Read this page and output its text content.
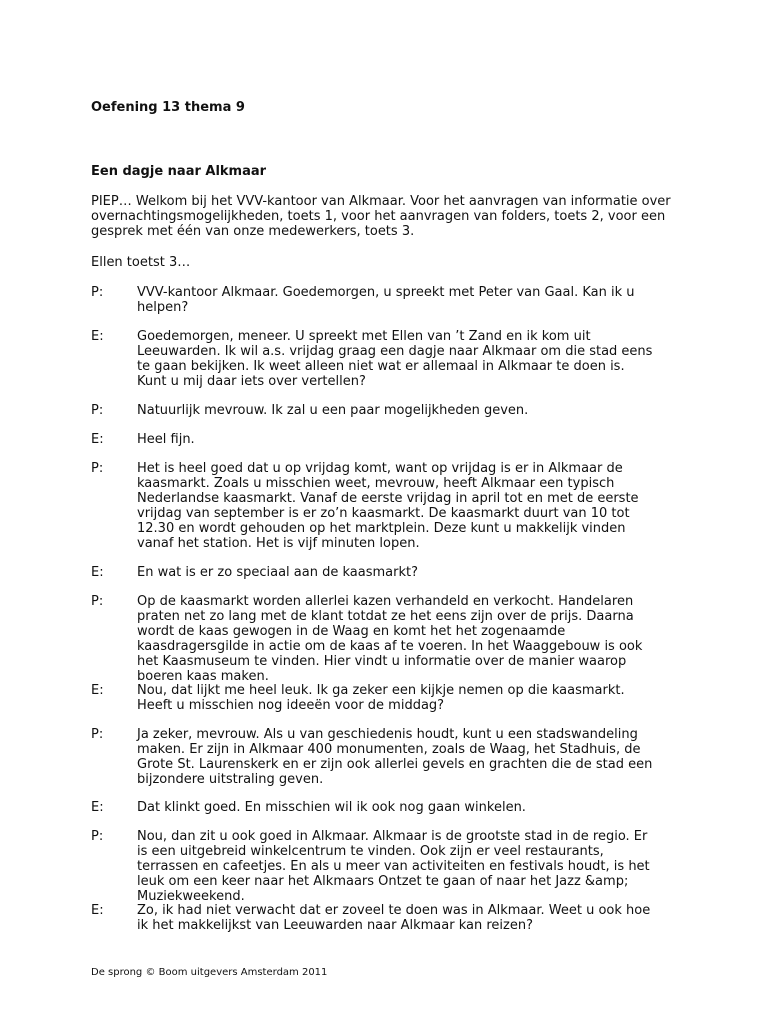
Oefening 13 thema 9

Een dagje naar Alkmaar

PIEP… Welkom bij het VVV-kantoor van Alkmaar. Voor het aanvragen van informatie over overnachtingsmogelijkheden, toets 1, voor het aanvragen van folders, toets 2, voor een gesprek met één van onze medewerkers, toets 3.

Ellen toetst 3…

P:	VVV-kantoor Alkmaar. Goedemorgen, u spreekt met Peter van Gaal. Kan ik u helpen?
E:	Goedemorgen, meneer. U spreekt met Ellen van ’t Zand en ik kom uit Leeuwarden. Ik wil a.s. vrijdag graag een dagje naar Alkmaar om die stad eens te gaan bekijken. Ik weet alleen niet wat er allemaal in Alkmaar te doen is. Kunt u mij daar iets over vertellen?
P:	Natuurlijk mevrouw. Ik zal u een paar mogelijkheden geven.
E:	Heel fijn.
P:	Het is heel goed dat u op vrijdag komt, want op vrijdag is er in Alkmaar de kaasmarkt. Zoals u misschien weet, mevrouw, heeft Alkmaar een typisch Nederlandse kaasmarkt. Vanaf de eerste vrijdag in april tot en met de eerste vrijdag van september is er zo’n kaasmarkt. De kaasmarkt duurt van 10 tot 12.30 en wordt gehouden op het marktplein. Deze kunt u makkelijk vinden vanaf het station. Het is vijf minuten lopen.
E:	En wat is er zo speciaal aan de kaasmarkt?
P:	Op de kaasmarkt worden allerlei kazen verhandeld en verkocht. Handelaren praten net zo lang met de klant totdat ze het eens zijn over de prijs. Daarna wordt de kaas gewogen in de Waag en komt het het zogenaamde kaasdragersgilde in actie om de kaas af te voeren. In het Waaggebouw is ook het Kaasmuseum te vinden. Hier vindt u informatie over de manier waarop boeren kaas maken.
E:	Nou, dat lijkt me heel leuk. Ik ga zeker een kijkje nemen op die kaasmarkt. Heeft u misschien nog ideeën voor de middag?
P:	Ja zeker, mevrouw. Als u van geschiedenis houdt, kunt u een stadswandeling maken. Er zijn in Alkmaar 400 monumenten, zoals de Waag, het Stadhuis, de Grote St. Laurenskerk en er zijn ook allerlei gevels en grachten die de stad een bijzondere uitstraling geven.
E:	Dat klinkt goed. En misschien wil ik ook nog gaan winkelen.
P:	Nou, dan zit u ook goed in Alkmaar. Alkmaar is de grootste stad in de regio. Er is een uitgebreid winkelcentrum te vinden. Ook zijn er veel restaurants, terrassen en cafeetjes. En als u meer van activiteiten en festivals houdt, is het leuk om een keer naar het Alkmaars Ontzet te gaan of naar het Jazz &amp; Muziekweekend.
E:	Zo, ik had niet verwacht dat er zoveel te doen was in Alkmaar. Weet u ook hoe ik het makkelijkst van Leeuwarden naar Alkmaar kan reizen?
De sprong © Boom uitgevers Amsterdam 2011
